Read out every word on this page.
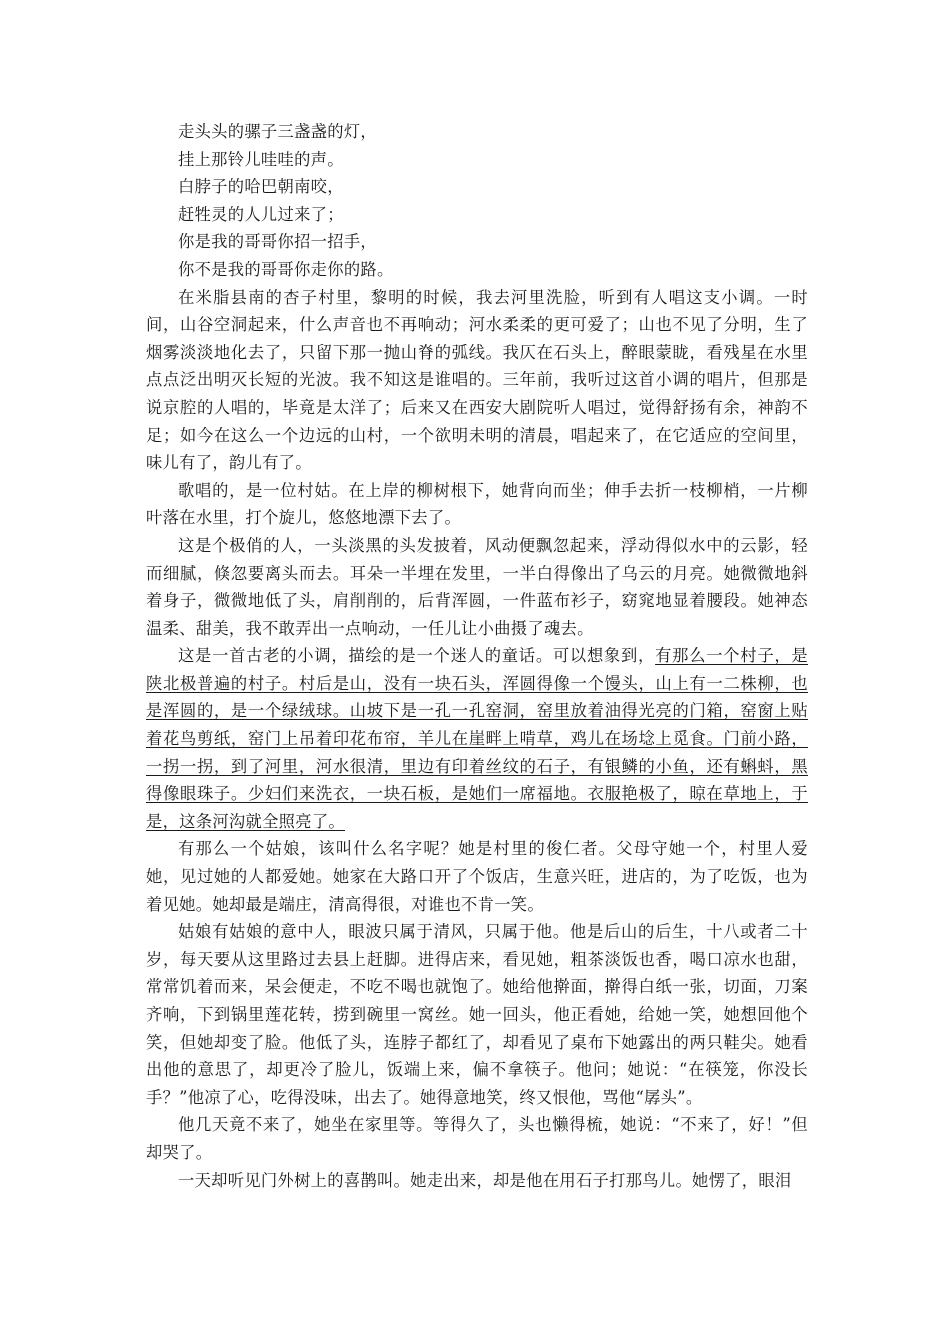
走头头的骡子三盏盏的灯，

挂上那铃儿哇哇的声。

白脖子的哈巴朝南咬，

赶牲灵的人儿过来了；

你是我的哥哥你招一招手，

你不是我的哥哥你走你的路。

在米脂县南的杏子村里，黎明的时候，我去河里洗脸，听到有人唱这支小调。一时间，山谷空洞起来，什么声音也不再响动；河水柔柔的更可爱了；山也不见了分明，生了烟雾淡淡地化去了，只留下那一抛山脊的弧线。我仄在石头上，醉眼蒙眬，看残星在水里点点泛出明灭长短的光波。我不知这是谁唱的。三年前，我听过这首小调的唱片，但那是说京腔的人唱的，毕竟是太洋了；后来又在西安大剧院听人唱过，觉得舒扬有余，神韵不足；如今在这么一个边远的山村，一个欲明未明的清晨，唱起来了，在它适应的空间里，味儿有了，韵儿有了。

歌唱的，是一位村姑。在上岸的柳树根下，她背向而坐；伸手去折一枝柳梢，一片柳叶落在水里，打个旋儿，悠悠地漂下去了。

这是个极俏的人，一头淡黑的头发披着，风动便飘忽起来，浮动得似水中的云影，轻而细腻，倏忽要离头而去。耳朵一半埋在发里，一半白得像出了乌云的月亮。她微微地斜着身子，微微地低了头，肩削削的，后背浑圆，一件蓝布衫子，窈窕地显着腰段。她神态温柔、甜美，我不敢弄出一点响动，一任儿让小曲摄了魂去。

这是一首古老的小调，描绘的是一个迷人的童话。可以想象到，有那么一个村子，是陕北极普遍的村子。村后是山，没有一块石头，浑圆得像一个馒头，山上有一二株柳，也是浑圆的，是一个绿绒球。山坡下是一孔一孔窑洞，窑里放着油得光亮的门箱，窑窗上贴着花鸟剪纸，窑门上吊着印花布帘，羊儿在崖畔上啃草，鸡儿在场埝上觅食。门前小路，一拐一拐，到了河里，河水很清，里边有印着丝纹的石子，有银鳞的小鱼，还有蝌蚪，黑得像眼珠子。少妇们来洗衣，一块石板，是她们一席福地。衣服艳极了，晾在草地上，于是，这条河沟就全照亮了。

有那么一个姑娘，该叫什么名字呢？她是村里的俊仁者。父母守她一个，村里人爱她，见过她的人都爱她。她家在大路口开了个饭店，生意兴旺，进店的，为了吃饭，也为着见她。她却最是端庄，清高得很，对谁也不肯一笑。

姑娘有姑娘的意中人，眼波只属于清风，只属于他。他是后山的后生，十八或者二十岁，每天要从这里路过去县上赶脚。进得店来，看见她，粗茶淡饭也香，喝口凉水也甜，常常饥着而来，呆会便走，不吃不喝也就饱了。她给他擀面，擀得白纸一张，切面，刀案齐响，下到锅里莲花转，捞到碗里一窝丝。她一回头，他正看她，给她一笑，她想回他个笑，但她却变了脸。他低了头，连脖子都红了，却看见了桌布下她露出的两只鞋尖。她看出他的意思了，却更冷了脸儿，饭端上来，偏不拿筷子。他问；她说：“在筷笼，你没长手？”他凉了心，吃得没味，出去了。她得意地笑，终又恨他，骂他“孱头”。

他几天竟不来了，她坐在家里等。等得久了，头也懒得梳，她说：“不来了，好！”但却哭了。

一天却听见门外树上的喜鹊叫。她走出来，却是他在用石子打那鸟儿。她愣了，眼泪
